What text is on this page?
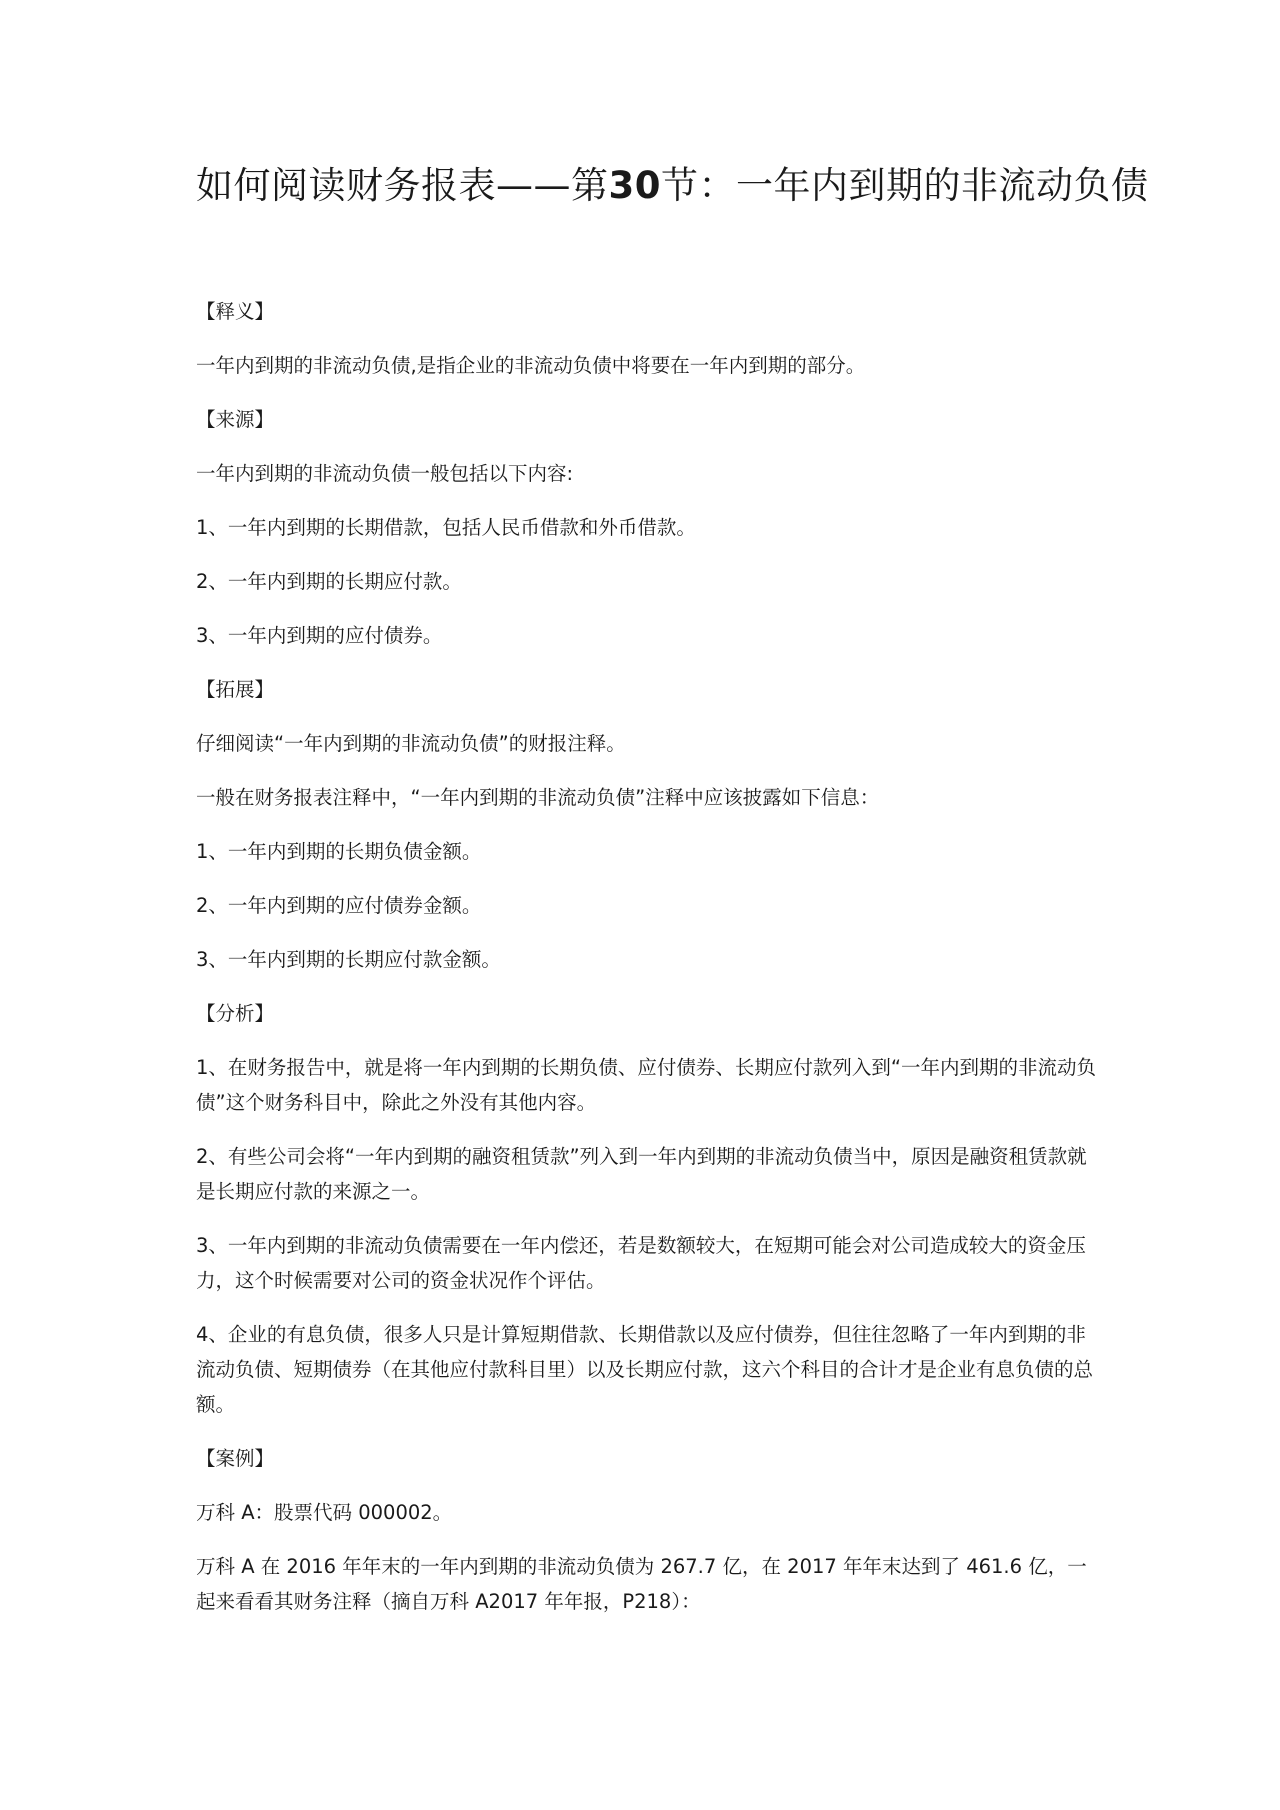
如何阅读财务报表——第30节：一年内到期的非流动负债

【释义】

一年内到期的非流动负债,是指企业的非流动负债中将要在一年内到期的部分。

【来源】

一年内到期的非流动负债一般包括以下内容:

1、一年内到期的长期借款，包括人民币借款和外币借款。

2、一年内到期的长期应付款。

3、一年内到期的应付债券。

【拓展】

仔细阅读“一年内到期的非流动负债”的财报注释。

一般在财务报表注释中，“一年内到期的非流动负债”注释中应该披露如下信息：

1、一年内到期的长期负债金额。

2、一年内到期的应付债券金额。

3、一年内到期的长期应付款金额。

【分析】

1、在财务报告中，就是将一年内到期的长期负债、应付债券、长期应付款列入到“一年内到期的非流动负债”这个财务科目中，除此之外没有其他内容。

2、有些公司会将“一年内到期的融资租赁款”列入到一年内到期的非流动负债当中，原因是融资租赁款就是长期应付款的来源之一。

3、一年内到期的非流动负债需要在一年内偿还，若是数额较大，在短期可能会对公司造成较大的资金压力，这个时候需要对公司的资金状况作个评估。

4、企业的有息负债，很多人只是计算短期借款、长期借款以及应付债券，但往往忽略了一年内到期的非流动负债、短期债券（在其他应付款科目里）以及长期应付款，这六个科目的合计才是企业有息负债的总额。

【案例】

万科 A：股票代码 000002。

万科 A 在 2016 年年末的一年内到期的非流动负债为 267.7 亿，在 2017 年年末达到了 461.6 亿，一起来看看其财务注释（摘自万科 A2017 年年报，P218）：
